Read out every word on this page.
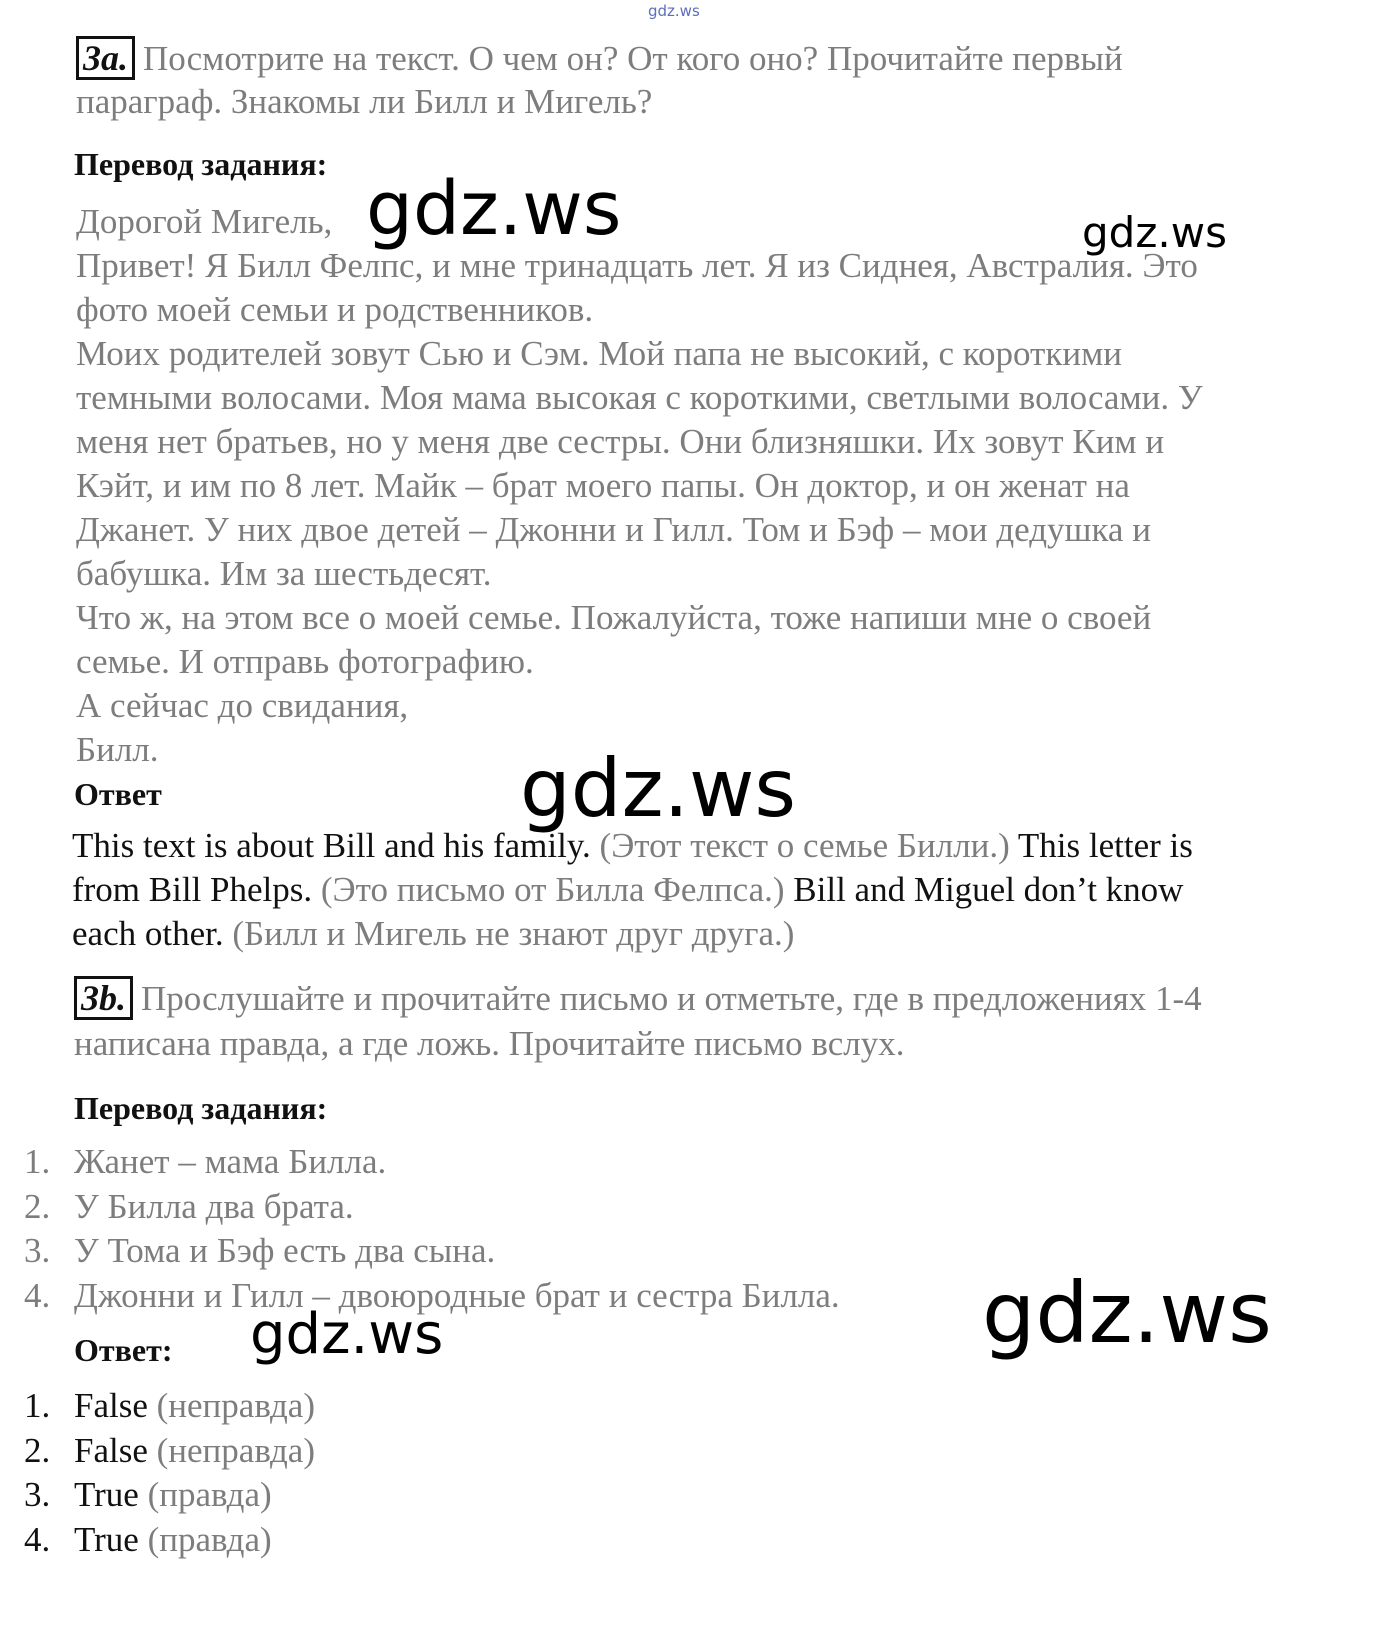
gdz.ws
3a. Посмотрите на текст. О чем он? От кого оно? Прочитайте первый
параграф. Знакомы ли Билл и Мигель?
Перевод задания:
Дорогой Мигель,
Привет! Я Билл Фелпс, и мне тринадцать лет. Я из Сиднея, Австралия. Это
фото моей семьи и родственников.
Моих родителей зовут Сью и Сэм. Мой папа не высокий, с короткими
темными волосами. Моя мама высокая с короткими, светлыми волосами. У
меня нет братьев, но у меня две сестры. Они близняшки. Их зовут Ким и
Кэйт, и им по 8 лет. Майк – брат моего папы. Он доктор, и он женат на
Джанет. У них двое детей – Джонни и Гилл. Том и Бэф – мои дедушка и
бабушка. Им за шестьдесят.
Что ж, на этом все о моей семье. Пожалуйста, тоже напиши мне о своей
семье. И отправь фотографию.
А сейчас до свидания,
Билл.
Ответ
This text is about Bill and his family. (Этот текст о семье Билли.) This letter is
from Bill Phelps. (Это письмо от Билла Фелпса.) Bill and Miguel don’t know
each other. (Билл и Мигель не знают друг друга.)
3b. Прослушайте и прочитайте письмо и отметьте, где в предложениях 1-4
написана правда, а где ложь. Прочитайте письмо вслух.
Перевод задания:
1. Жанет – мама Билла.
2. У Билла два брата.
3. У Тома и Бэф есть два сына.
4. Джонни и Гилл – двоюродные брат и сестра Билла.
Ответ:
1. False (неправда)
2. False (неправда)
3. True (правда)
4. True (правда)
gdz.ws	gdz.ws
gdz.ws
gdz.ws	gdz.ws
